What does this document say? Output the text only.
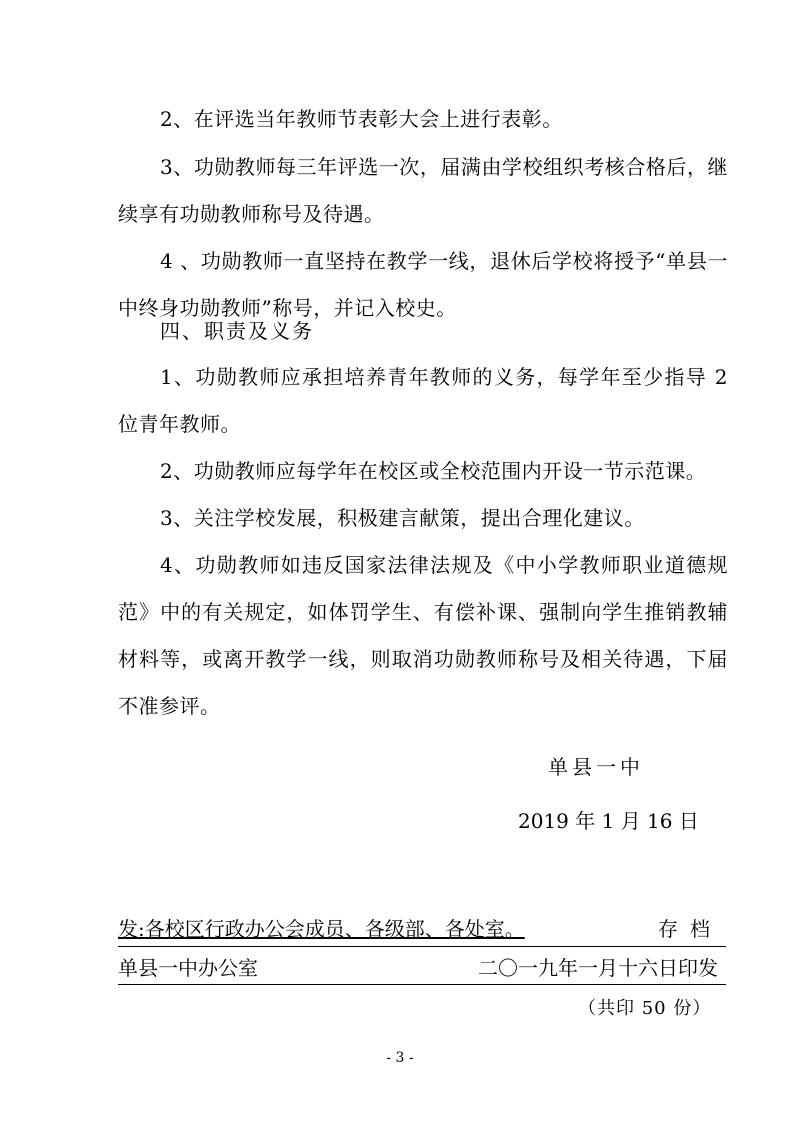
2、在评选当年教师节表彰大会上进行表彰。

3、功勋教师每三年评选一次，届满由学校组织考核合格后，继续享有功勋教师称号及待遇。

4 、功勋教师一直坚持在教学一线，退休后学校将授予“单县一中终身功勋教师”称号，并记入校史。

四、职责及义务

1、功勋教师应承担培养青年教师的义务，每学年至少指导 2 位青年教师。

2、功勋教师应每学年在校区或全校范围内开设一节示范课。

3、关注学校发展，积极建言献策，提出合理化建议。

4、功勋教师如违反国家法律法规及《中小学教师职业道德规范》中的有关规定，如体罚学生、有偿补课、强制向学生推销教辅材料等，或离开教学一线，则取消功勋教师称号及相关待遇，下届不准参评。

单县一中
2019 年 1 月 16 日
发:各校区行政办公会成员、各级部、各处室。	存档
单县一中办公室	二〇一九年一月十六日印发
（共印 50 份）
- 3 -
